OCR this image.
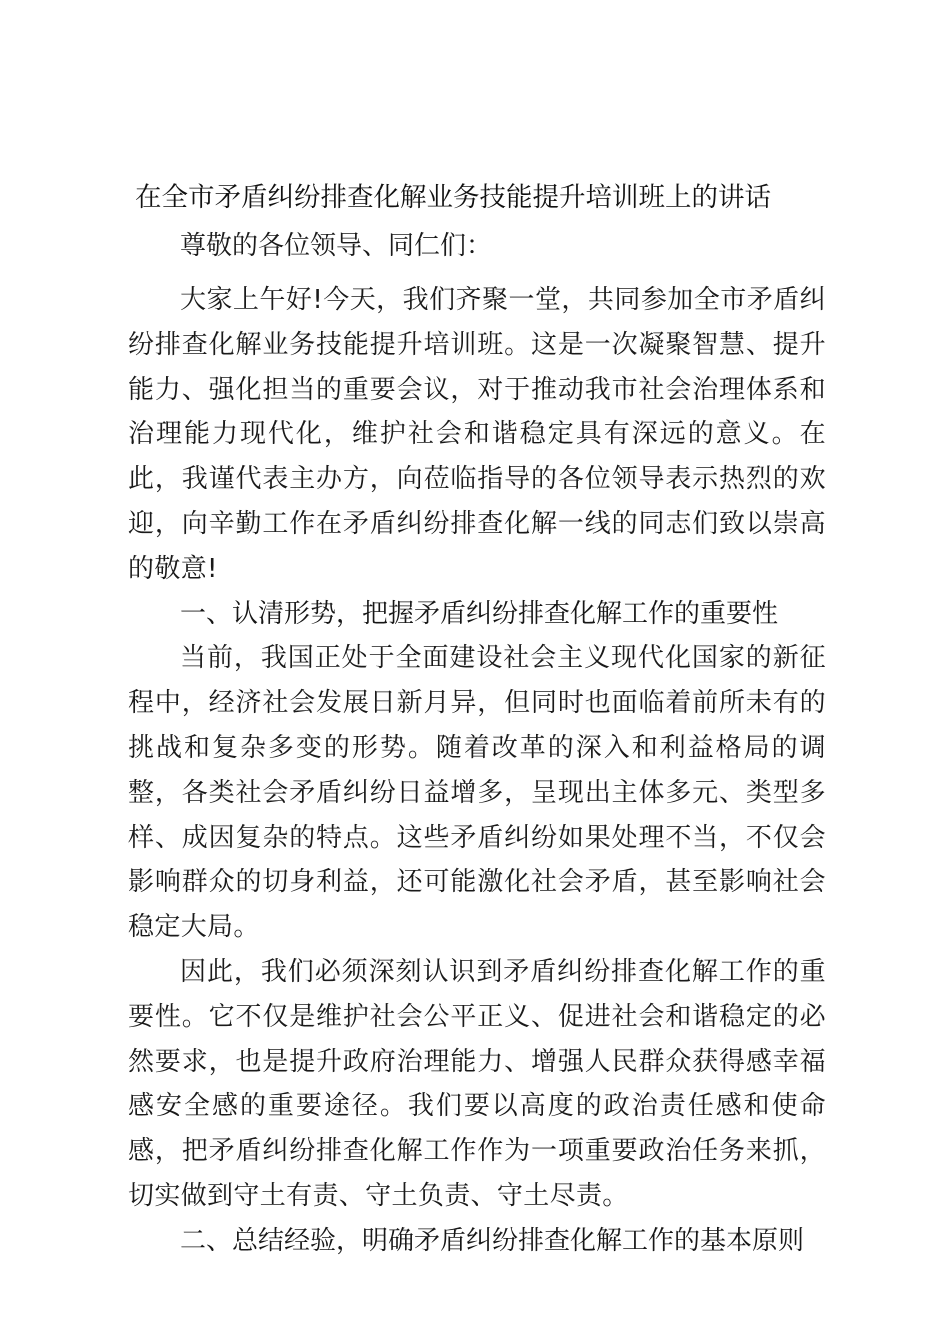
在全市矛盾纠纷排查化解业务技能提升培训班上的讲话

尊敬的各位领导、同仁们：

大家上午好!今天，我们齐聚一堂，共同参加全市矛盾纠纷排查化解业务技能提升培训班。这是一次凝聚智慧、提升能力、强化担当的重要会议，对于推动我市社会治理体系和治理能力现代化，维护社会和谐稳定具有深远的意义。在此，我谨代表主办方，向莅临指导的各位领导表示热烈的欢迎，向辛勤工作在矛盾纠纷排查化解一线的同志们致以崇高的敬意!

一、认清形势，把握矛盾纠纷排查化解工作的重要性

当前，我国正处于全面建设社会主义现代化国家的新征程中，经济社会发展日新月异，但同时也面临着前所未有的挑战和复杂多变的形势。随着改革的深入和利益格局的调整，各类社会矛盾纠纷日益增多，呈现出主体多元、类型多样、成因复杂的特点。这些矛盾纠纷如果处理不当，不仅会影响群众的切身利益，还可能激化社会矛盾，甚至影响社会稳定大局。

因此，我们必须深刻认识到矛盾纠纷排查化解工作的重要性。它不仅是维护社会公平正义、促进社会和谐稳定的必然要求，也是提升政府治理能力、增强人民群众获得感幸福感安全感的重要途径。我们要以高度的政治责任感和使命感，把矛盾纠纷排查化解工作作为一项重要政治任务来抓，切实做到守土有责、守土负责、守土尽责。

二、总结经验，明确矛盾纠纷排查化解工作的基本原则
